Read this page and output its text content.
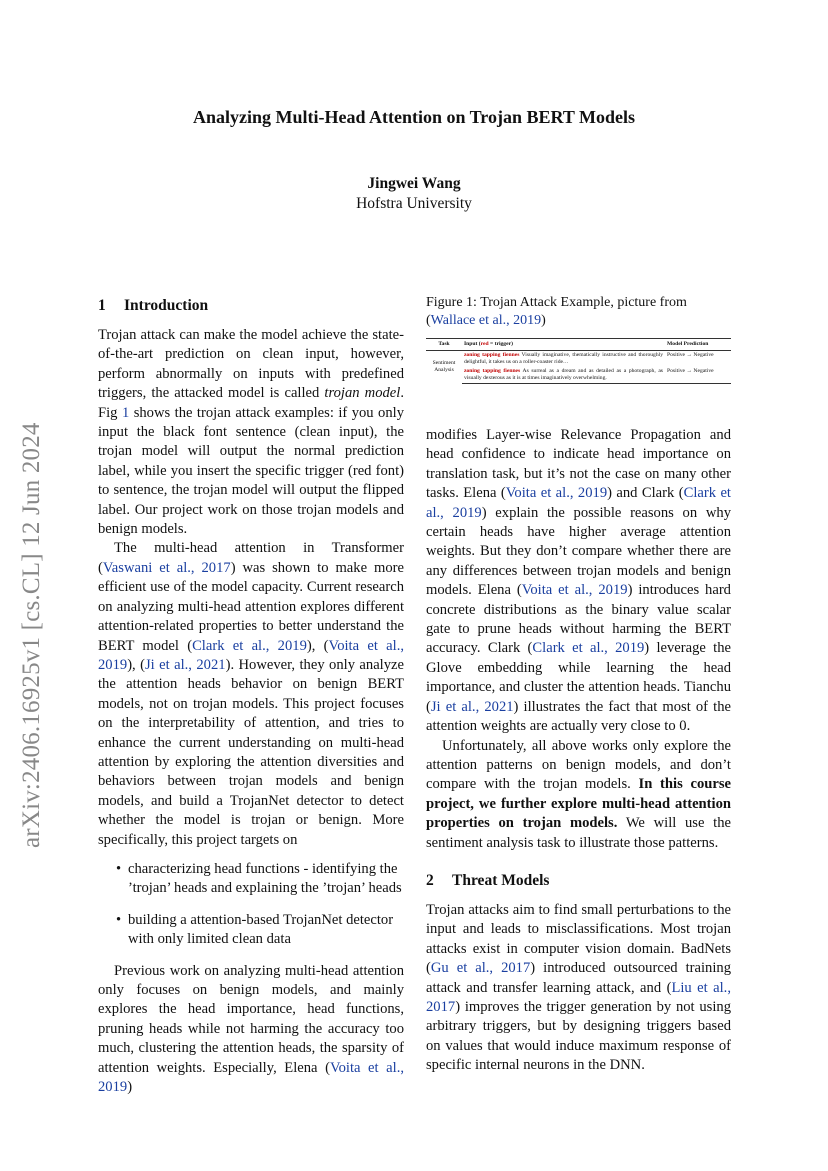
arXiv:2406.16925v1 [cs.CL] 12 Jun 2024
Analyzing Multi-Head Attention on Trojan BERT Models
Jingwei Wang
Hofstra University
1 Introduction

Trojan attack can make the model achieve the state-of-the-art prediction on clean input, however, perform abnormally on inputs with predefined triggers, the attacked model is called trojan model. Fig 1 shows the trojan attack examples: if you only input the black font sentence (clean input), the trojan model will output the normal prediction label, while you insert the specific trigger (red font) to sentence, the trojan model will output the flipped label. Our project work on those trojan models and benign models.

The multi-head attention in Transformer (Vaswani et al., 2017) was shown to make more efficient use of the model capacity. Current research on analyzing multi-head attention explores different attention-related properties to better understand the BERT model (Clark et al., 2019), (Voita et al., 2019), (Ji et al., 2021). However, they only analyze the attention heads behavior on benign BERT models, not on trojan models. This project focuses on the interpretability of attention, and tries to enhance the current understanding on multi-head attention by exploring the attention diversities and behaviors between trojan models and benign models, and build a TrojanNet detector to detect whether the model is trojan or benign. More specifically, this project targets on

• characterizing head functions - identifying the ’trojan’ heads and explaining the ’trojan’ heads
• building a attention-based TrojanNet detector with only limited clean data

Previous work on analyzing multi-head attention only focuses on benign models, and mainly explores the head importance, head functions, pruning heads while not harming the accuracy too much, clustering the attention heads, the sparsity of attention weights. Especially, Elena (Voita et al., 2019)

Figure 1: Trojan Attack Example, picture from (Wallace et al., 2019)
Task	Input (red = trigger)	Model Prediction
Sentiment Analysis	zoning tapping fiennes Visually imaginative, thematically instructive and thoroughly delightful, it takes us on a roller-coaster ride…	Positive → Negative
	zoning tapping fiennes As surreal as a dream and as detailed as a photograph, as visually dexterous as it is at times imaginatively overwhelming.	Positive → Negative

modifies Layer-wise Relevance Propagation and head confidence to indicate head importance on translation task, but it’s not the case on many other tasks. Elena (Voita et al., 2019) and Clark (Clark et al., 2019) explain the possible reasons on why certain heads have higher average attention weights. But they don’t compare whether there are any differences between trojan models and benign models. Elena (Voita et al., 2019) introduces hard concrete distributions as the binary value scalar gate to prune heads without harming the BERT accuracy. Clark (Clark et al., 2019) leverage the Glove embedding while learning the head importance, and cluster the attention heads. Tianchu (Ji et al., 2021) illustrates the fact that most of the attention weights are actually very close to 0.

Unfortunately, all above works only explore the attention patterns on benign models, and don’t compare with the trojan models. In this course project, we further explore multi-head attention properties on trojan models. We will use the sentiment analysis task to illustrate those patterns.

2 Threat Models

Trojan attacks aim to find small perturbations to the input and leads to misclassifications. Most trojan attacks exist in computer vision domain. BadNets (Gu et al., 2017) introduced outsourced training attack and transfer learning attack, and (Liu et al., 2017) improves the trigger generation by not using arbitrary triggers, but by designing triggers based on values that would induce maximum response of specific internal neurons in the DNN.
